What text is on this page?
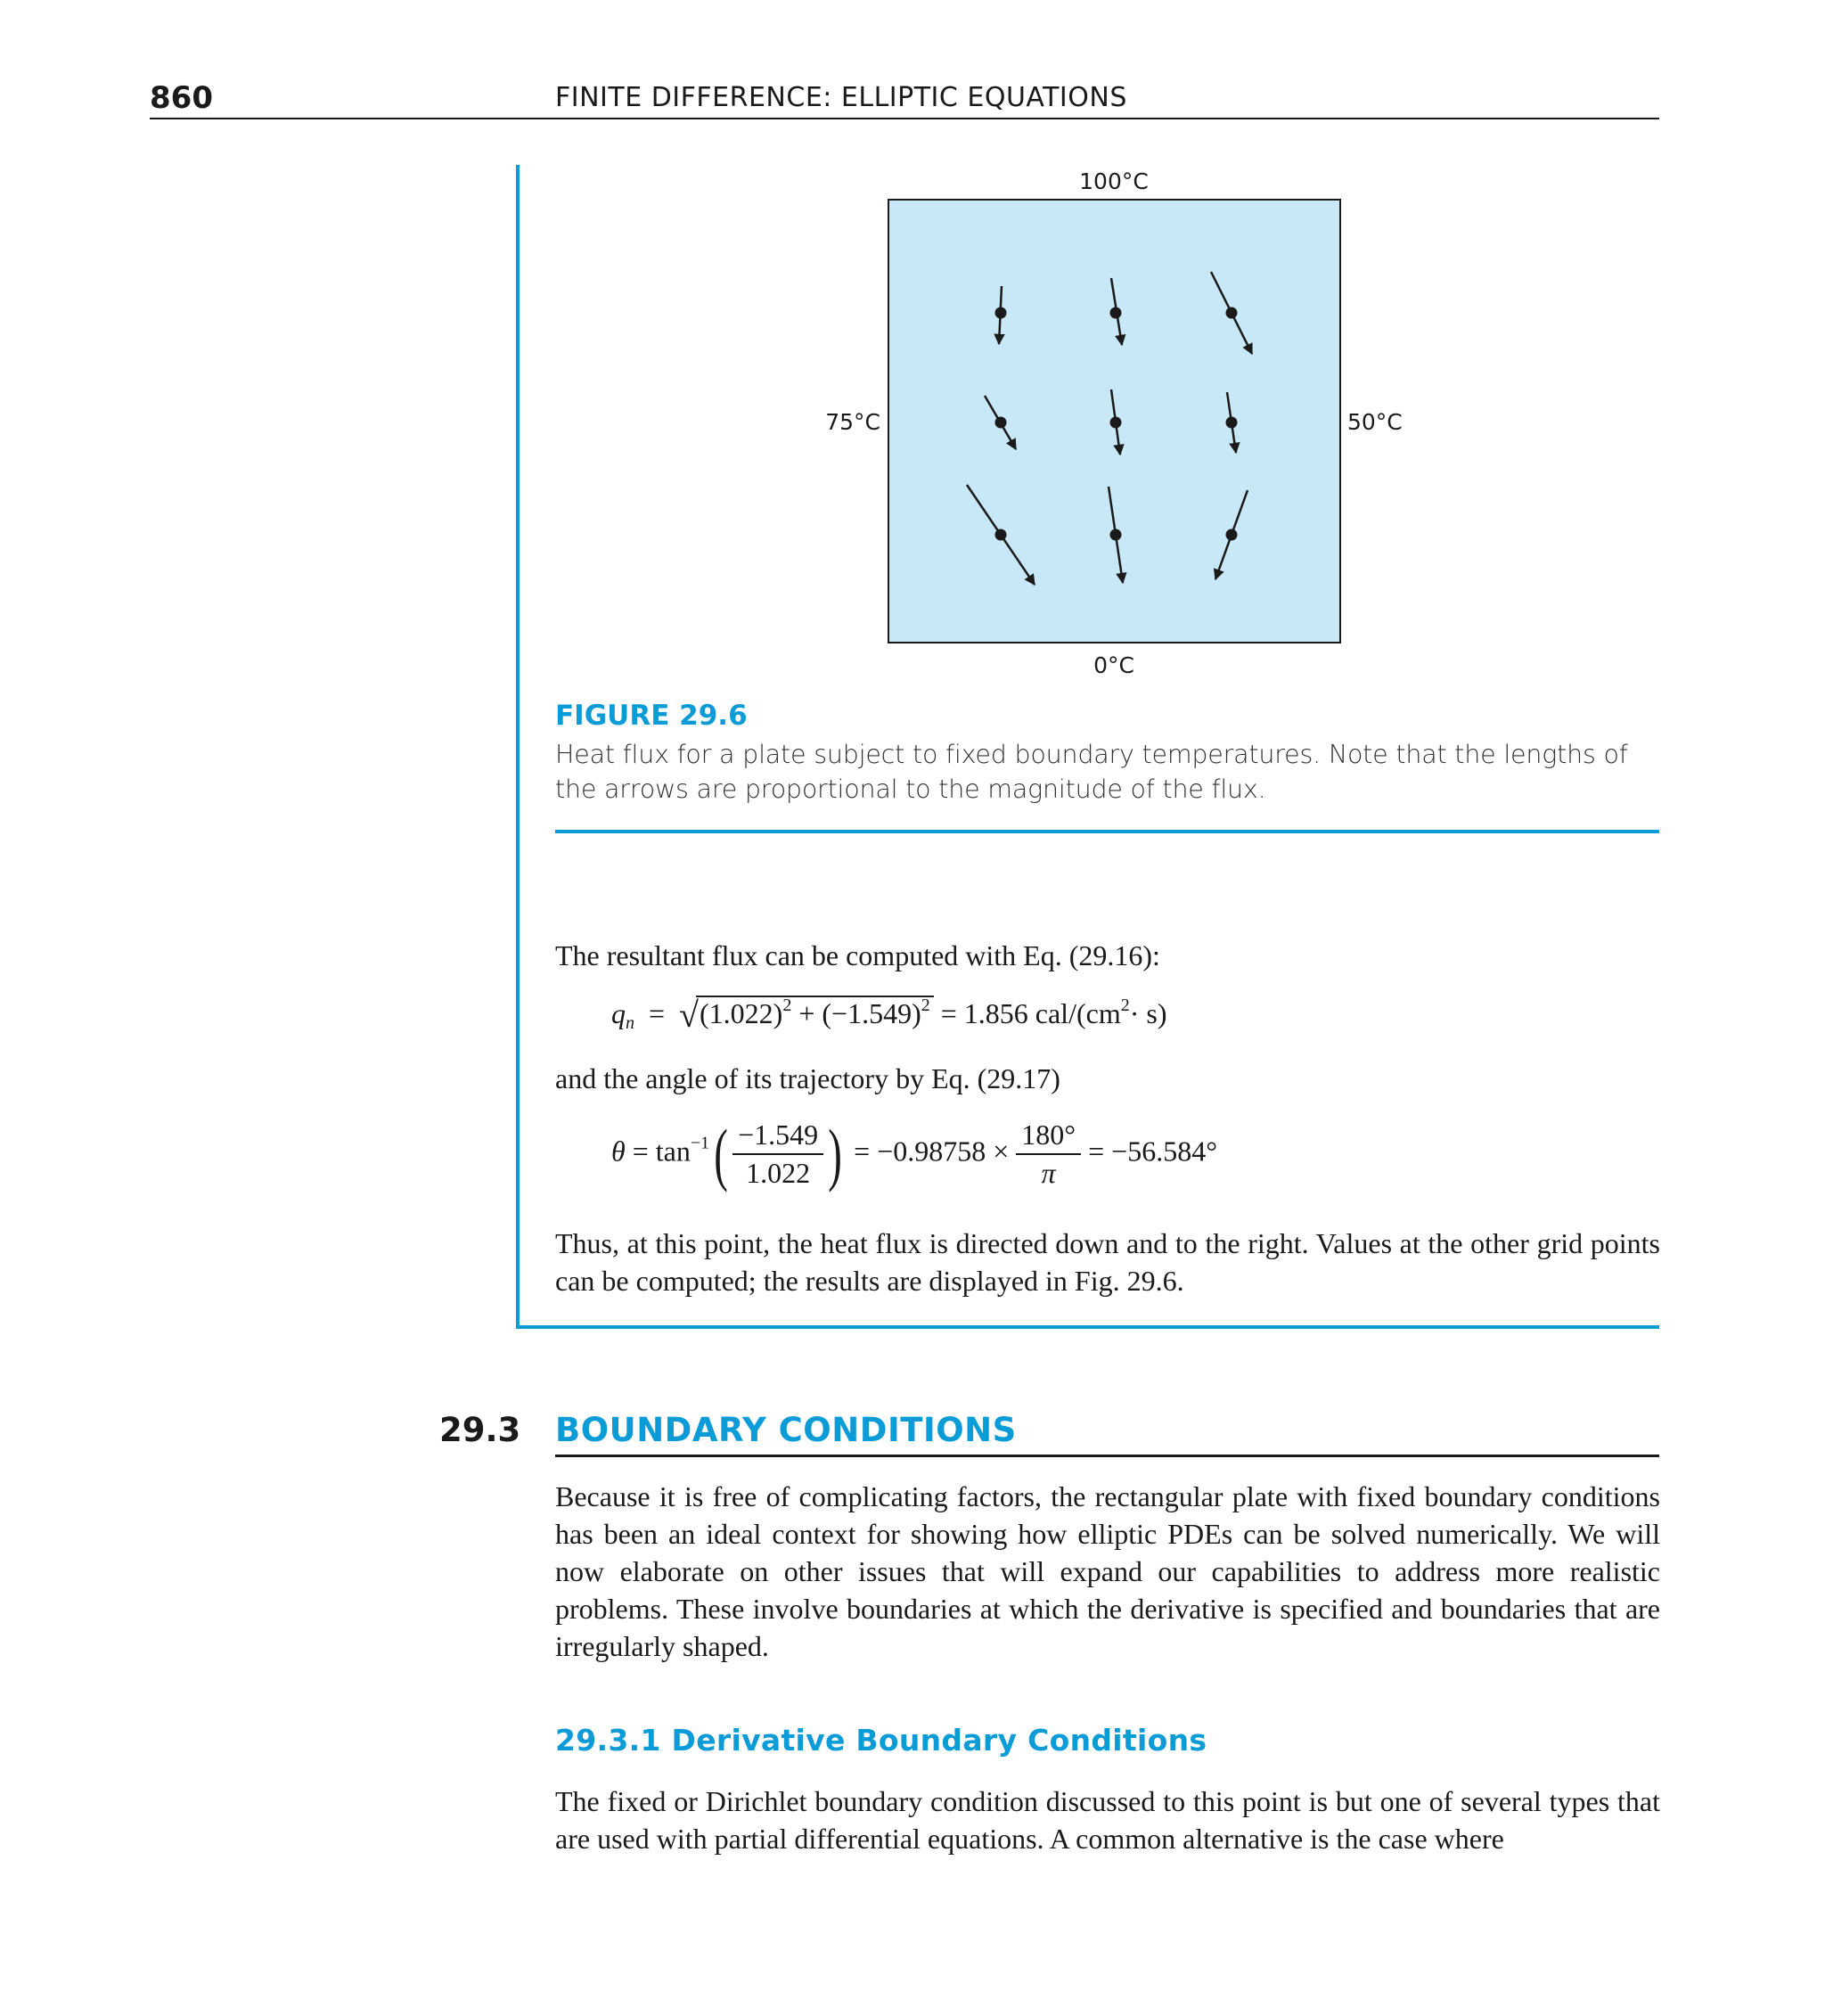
860	FINITE DIFFERENCE: ELLIPTIC EQUATIONS
100°C
75°C	50°C
0°C
FIGURE 29.6
Heat flux for a plate subject to fixed boundary temperatures. Note that the lengths of the arrows are proportional to the magnitude of the flux.
The resultant flux can be computed with Eq. (29.16):
$q_n = √(1.022)^2 + (-1.549)^2 = 1.856$ cal/$(cm^2\cdot s)$
and the angle of its trajectory by Eq. (29.17)
$\theta = \tan^{-1}( \frac{-1.549}{1.022}$ ) = $-0.98758 \times \frac{180^\circ}{\pi} = -56.584^\circ$
Thus, at this point, the heat flux is directed down and to the right. Values at the other grid points can be computed; the results are displayed in Fig. 29.6.
29.3 BOUNDARY CONDITIONS
Because it is free of complicating factors, the rectangular plate with fixed boundary conditions has been an ideal context for showing how elliptic PDEs can be solved numerically. We will now elaborate on other issues that will expand our capabilities to address more realistic problems. These involve boundaries at which the derivative is specified and boundaries that are irregularly shaped.
29.3.1 Derivative Boundary Conditions
The fixed or Dirichlet boundary condition discussed to this point is but one of several types that are used with partial differential equations. A common alternative is the case where
